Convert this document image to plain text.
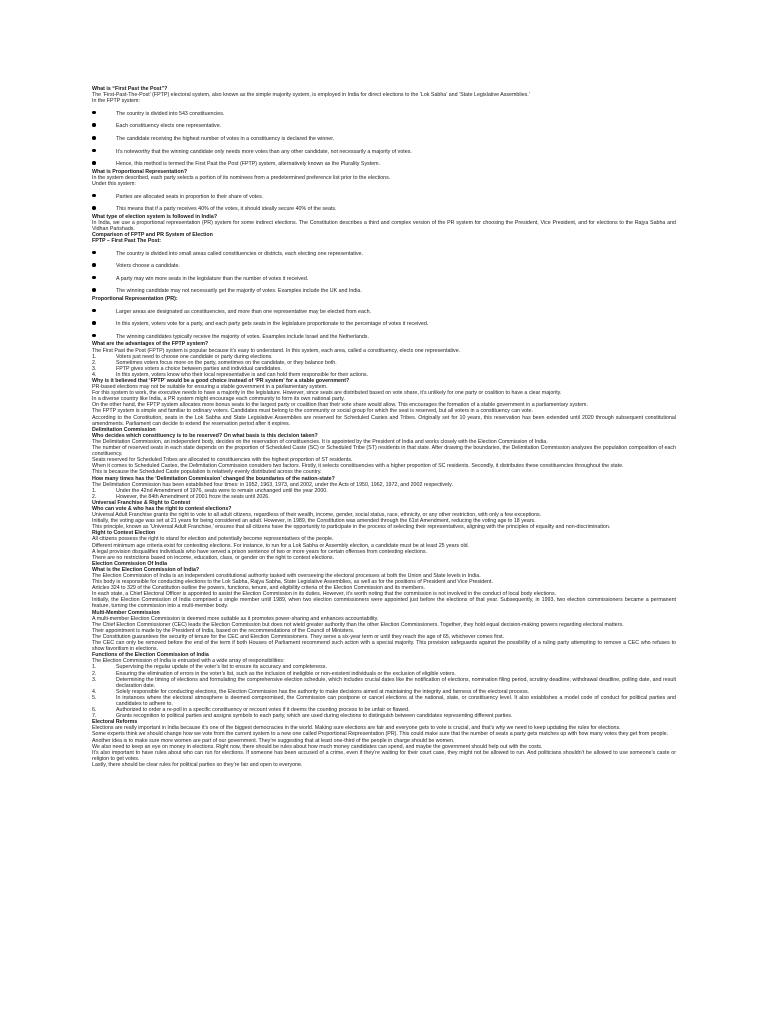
What is “First Past the Post”?
The ‘First-Past-The-Post’ (FPTP) electoral system, also known as the simple majority system, is employed in India for direct elections to the ‘Lok Sabha’ and ‘State Legislative Assemblies.’
In the FPTP system:
The country is divided into 543 constituencies.
Each constituency elects one representative.
The candidate receiving the highest number of votes in a constituency is declared the winner.
It’s noteworthy that the winning candidate only needs more votes than any other candidate, not necessarily a majority of votes.
Hence, this method is termed the First Past the Post (FPTP) system, alternatively known as the Plurality System.
What is Proportional Representation?
In the system described, each party selects a portion of its nominees from a predetermined preference list prior to the elections.
Under this system:
Parties are allocated seats in proportion to their share of votes.
This means that if a party receives 40% of the votes, it should ideally secure 40% of the seats.
What type of election system is followed in India?
In India, we use a proportional representation (PR) system for some indirect elections. The Constitution describes a third and complex version of the PR system for choosing the President, Vice President, and for elections to the Rajya Sabha and Vidhan Parishads.
Comparison of FPTP and PR System of Election
FPTP – First Past The Post:
The country is divided into small areas called constituencies or districts, each electing one representative.
Voters choose a candidate.
A party may win more seats in the legislature than the number of votes it received.
The winning candidate may not necessarily get the majority of votes. Examples include the UK and India.
Proportional Representation (PR):
Larger areas are designated as constituencies, and more than one representative may be elected from each.
In this system, voters vote for a party, and each party gets seats in the legislature proportionate to the percentage of votes it received.
The winning candidates typically receive the majority of votes. Examples include Israel and the Netherlands.
What are the advantages of the FPTP system?
The First Past the Post (FPTP) system is popular because it’s easy to understand. In this system, each area, called a constituency, elects one representative.
1.	Voters just need to choose one candidate or party during elections.
2.	Sometimes voters focus more on the party, sometimes on the candidate, or they balance both.
3.	FPTP gives voters a choice between parties and individual candidates.
4.	In this system, voters know who their local representative is and can hold them responsible for their actions.
Why is it believed that ‘FPTP’ would be a good choice instead of ‘PR system’ for a stable government?
PR-based elections may not be suitable for ensuring a stable government in a parliamentary system.
For this system to work, the executive needs to have a majority in the legislature. However, since seats are distributed based on vote share, it’s unlikely for one party or coalition to have a clear majority.
In a diverse country like India, a PR system might encourage each community to form its own national party.
On the other hand, the FPTP system allocates more bonus seats to the largest party or coalition than their vote share would allow. This encourages the formation of a stable government in a parliamentary system.
The FPTP system is simple and familiar to ordinary voters. Candidates must belong to the community or social group for which the seat is reserved, but all voters in a constituency can vote.
According to the Constitution, seats in the Lok Sabha and State Legislative Assemblies are reserved for Scheduled Castes and Tribes. Originally set for 10 years, this reservation has been extended until 2020 through subsequent constitutional amendments. Parliament can decide to extend the reservation period after it expires.
Delimitation Commission
Who decides which constituency is to be reserved? On what basis is this decision taken?
The Delimitation Commission, an independent body, decides on the reservation of constituencies. It is appointed by the President of India and works closely with the Election Commission of India.
The number of reserved seats in each state depends on the proportion of Scheduled Caste (SC) or Scheduled Tribe (ST) residents in that state. After drawing the boundaries, the Delimitation Commission analyzes the population composition of each constituency.
Seats reserved for Scheduled Tribes are allocated to constituencies with the highest proportion of ST residents.
When it comes to Scheduled Castes, the Delimitation Commission considers two factors. Firstly, it selects constituencies with a higher proportion of SC residents. Secondly, it distributes these constituencies throughout the state.
This is because the Scheduled Caste population is relatively evenly distributed across the country.
How many times has the ‘Delimitation Commission’ changed the boundaries of the nation-state?
The Delimitation Commission has been established four times: in 1952, 1963, 1973, and 2002, under the Acts of 1950, 1962, 1972, and 2002 respectively.
1.	Under the 42nd Amendment of 1976, seats were to remain unchanged until the year 2000.
2.	However, the 84th Amendment of 2001 froze the seats until 2026.
Universal Franchise & Right to Contest
Who can vote & who has the right to contest elections?
Universal Adult Franchise grants the right to vote to all adult citizens, regardless of their wealth, income, gender, social status, race, ethnicity, or any other restriction, with only a few exceptions.
Initially, the voting age was set at 21 years for being considered an adult. However, in 1989, the Constitution was amended through the 61st Amendment, reducing the voting age to 18 years.
This principle, known as ‘Universal Adult Franchise,’ ensures that all citizens have the opportunity to participate in the process of selecting their representatives, aligning with the principles of equality and non-discrimination.
Right to Contest Election
All citizens possess the right to stand for election and potentially become representatives of the people.
Different minimum age criteria exist for contesting elections. For instance, to run for a Lok Sabha or Assembly election, a candidate must be at least 25 years old.
A legal provision disqualifies individuals who have served a prison sentence of two or more years for certain offenses from contesting elections.
There are no restrictions based on income, education, class, or gender on the right to contest elections.
Election Commission Of India
What is the Election Commission of India?
The Election Commission of India is an independent constitutional authority tasked with overseeing the electoral processes at both the Union and State levels in India.
This body is responsible for conducting elections to the Lok Sabha, Rajya Sabha, State Legislative Assemblies, as well as for the positions of President and Vice President.
Articles 324 to 329 of the Constitution outline the powers, functions, tenure, and eligibility criteria of the Election Commission and its members.
In each state, a Chief Electoral Officer is appointed to assist the Election Commission in its duties. However, it’s worth noting that the commission is not involved in the conduct of local body elections.
Initially, the Election Commission of India comprised a single member until 1989, when two election commissioners were appointed just before the elections of that year. Subsequently, in 1993, two election commissioners became a permanent feature, turning the commission into a multi-member body.
Multi-Member Commission
A multi-member Election Commission is deemed more suitable as it promotes power-sharing and enhances accountability.
The Chief Election Commissioner (CEC) leads the Election Commission but does not wield greater authority than the other Election Commissioners. Together, they hold equal decision-making powers regarding electoral matters.
Their appointment is made by the President of India, based on the recommendations of the Council of Ministers.
The Constitution guarantees the security of tenure for the CEC and Election Commissioners. They serve a six-year term or until they reach the age of 65, whichever comes first.
The CEC can only be removed before the end of the term if both Houses of Parliament recommend such action with a special majority. This provision safeguards against the possibility of a ruling party attempting to remove a CEC who refuses to show favoritism in elections.
Functions of the Election Commission of India
The Election Commission of India is entrusted with a wide array of responsibilities:
1.	Supervising the regular update of the voter’s list to ensure its accuracy and completeness.
2.	Ensuring the elimination of errors in the voter’s list, such as the inclusion of ineligible or non-existent individuals or the exclusion of eligible voters.
3.	Determining the timing of elections and formulating the comprehensive election schedule, which includes crucial dates like the notification of elections, nomination filing period, scrutiny deadline, withdrawal deadline, polling date, and result declaration date.
4.	Solely responsible for conducting elections, the Election Commission has the authority to make decisions aimed at maintaining the integrity and fairness of the electoral process.
5.	In instances where the electoral atmosphere is deemed compromised, the Commission can postpone or cancel elections at the national, state, or constituency level. It also establishes a model code of conduct for political parties and candidates to adhere to.
6.	Authorized to order a re-poll in a specific constituency or recount votes if it deems the counting process to be unfair or flawed.
7.	Grants recognition to political parties and assigns symbols to each party, which are used during elections to distinguish between candidates representing different parties.
Electoral Reforms
Elections are really important in India because it’s one of the biggest democracies in the world. Making sure elections are fair and everyone gets to vote is crucial, and that’s why we need to keep updating the rules for elections.
Some experts think we should change how we vote from the current system to a new one called Proportional Representation (PR). This could make sure that the number of seats a party gets matches up with how many votes they get from people.
Another idea is to make sure more women are part of our government. They’re suggesting that at least one-third of the people in charge should be women.
We also need to keep an eye on money in elections. Right now, there should be rules about how much money candidates can spend, and maybe the government should help out with the costs.
It’s also important to have rules about who can run for elections. If someone has been accused of a crime, even if they’re waiting for their court case, they might not be allowed to run. And politicians shouldn’t be allowed to use someone’s caste or religion to get votes.
Lastly, there should be clear rules for political parties so they’re fair and open to everyone.
